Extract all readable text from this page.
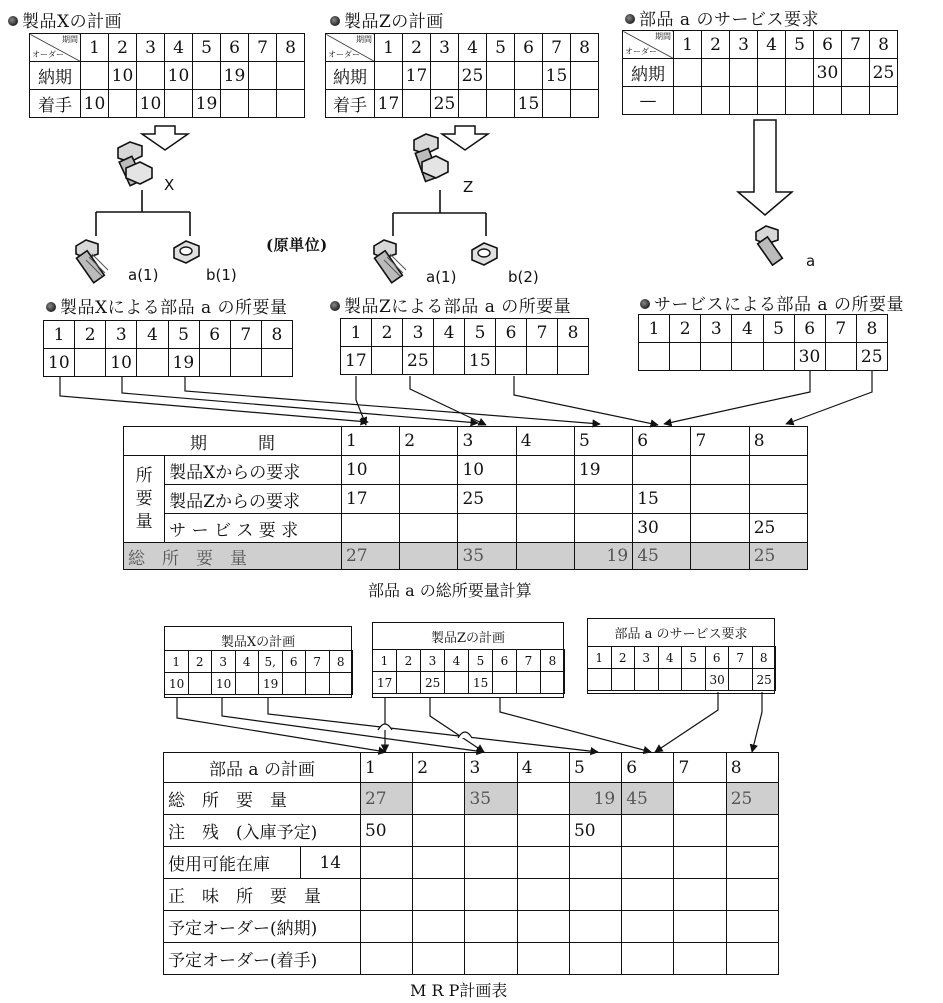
製品Xの計画	製品Zの計画	部品 a のサービス要求
期間
オーダー	1	2	3	4	5	6	7	8
納期		10		10		19		
着手	10		10		19			
期間
オーダー	1	2	3	4	5	6	7	8
納期		17		25			15	
着手	17		25			15		
期間
オーダー	1	2	3	4	5	6	7	8
納期						30		25
—								
X	Z
a(1)	b(1)
(原単位)
a(1)	b(2)
a
製品Xによる部品 a の所要量	製品Zによる部品 a の所要量	サービスによる部品 a の所要量
1	2	3	4	5	6	7	8
10		10		19			
1	2	3	4	5	6	7	8
17		25		15			
1	2	3	4	5	6	7	8
					30		25
期　　　間		1	2	3	4	5	6	7	8
所
要
量	製品Xからの要求	10		10		19			
	製品Zからの要求	17		25			15		
	サ ー ビ ス 要 求						30		25
総　所　要　量		27		35		19	45		25
部品 a の総所要量計算
製品Xの計画
1	2	3	4	5,	6	7	8
10		10		19			
製品Zの計画
1	2	3	4	5	6	7	8
17		25		15			
部品 a のサービス要求
1	2	3	4	5	6	7	8
					30		25
部品 a の計画		1	2	3	4	5	6	7	8
総　所　要　量		27		35		19	45		25
注　残　(入庫予定)		50				50			
使用可能在庫	14								
正　味　所　要　量									
予定オーダー(納期)									
予定オーダー(着手)									
M R P計画表
